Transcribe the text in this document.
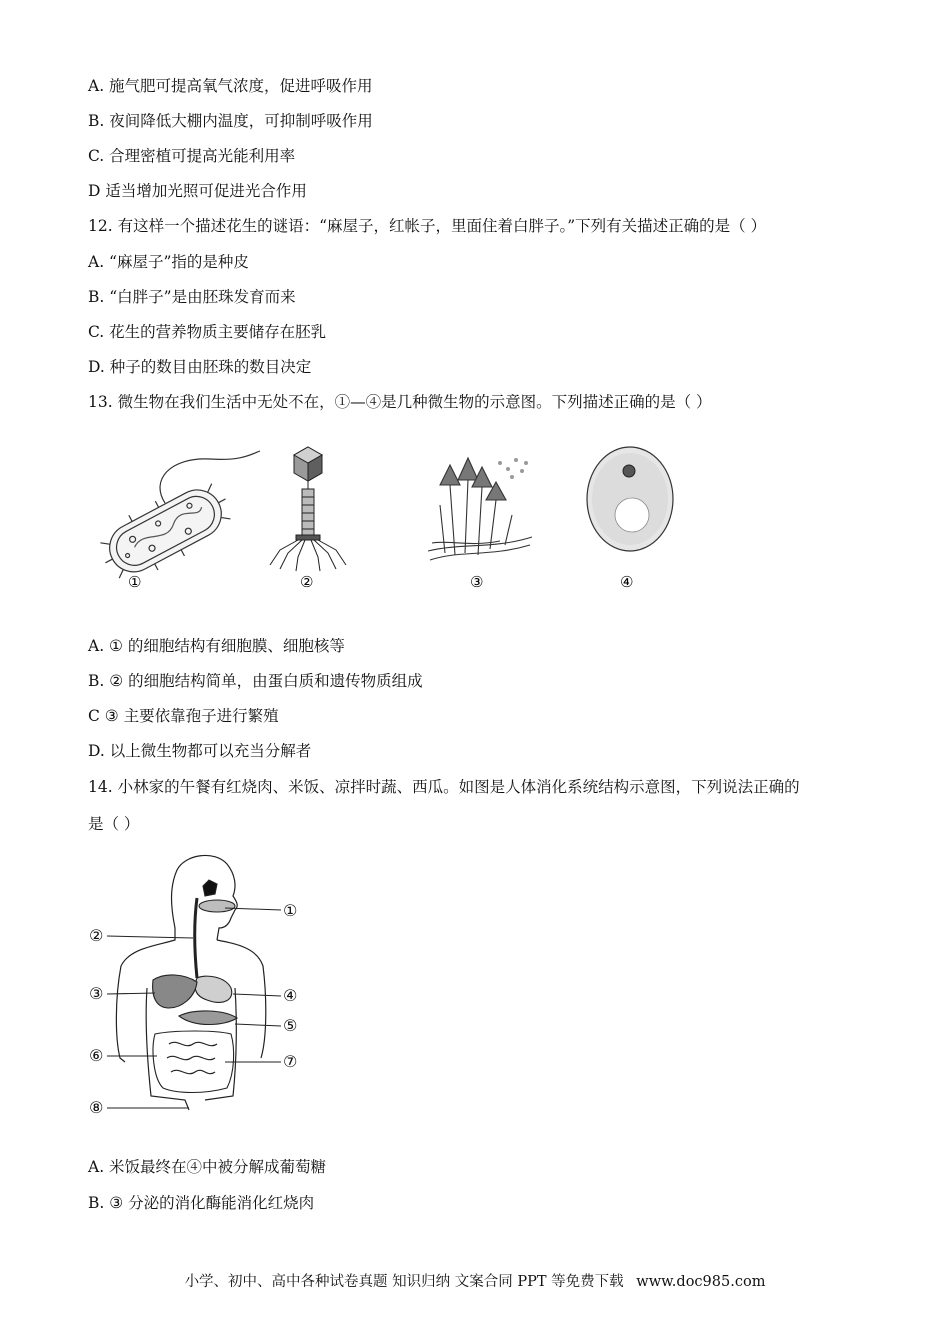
A. 施气肥可提高氧气浓度，促进呼吸作用
B. 夜间降低大棚内温度，可抑制呼吸作用
C. 合理密植可提高光能利用率
D 适当增加光照可促进光合作用
12. 有这样一个描述花生的谜语：“麻屋子，红帐子，里面住着白胖子。”下列有关描述正确的是（ ）
A. “麻屋子”指的是种皮
B. “白胖子”是由胚珠发育而来
C. 花生的营养物质主要储存在胚乳
D. 种子的数目由胚珠的数目决定
13. 微生物在我们生活中无处不在，①—④是几种微生物的示意图。下列描述正确的是（ ）
①	②	③	④
A. ① 的细胞结构有细胞膜、细胞核等
B. ② 的细胞结构简单，由蛋白质和遗传物质组成
C ③ 主要依靠孢子进行繁殖
D. 以上微生物都可以充当分解者
14. 小林家的午餐有红烧肉、米饭、凉拌时蔬、西瓜。如图是人体消化系统结构示意图，下列说法正确的
是（ ）
①
②
③	④
⑤
⑥	⑦
⑧
A. 米饭最终在④中被分解成葡萄糖
B. ③ 分泌的消化酶能消化红烧肉
小学、初中、高中各种试卷真题 知识归纳 文案合同 PPT 等免费下载 www.doc985.com
